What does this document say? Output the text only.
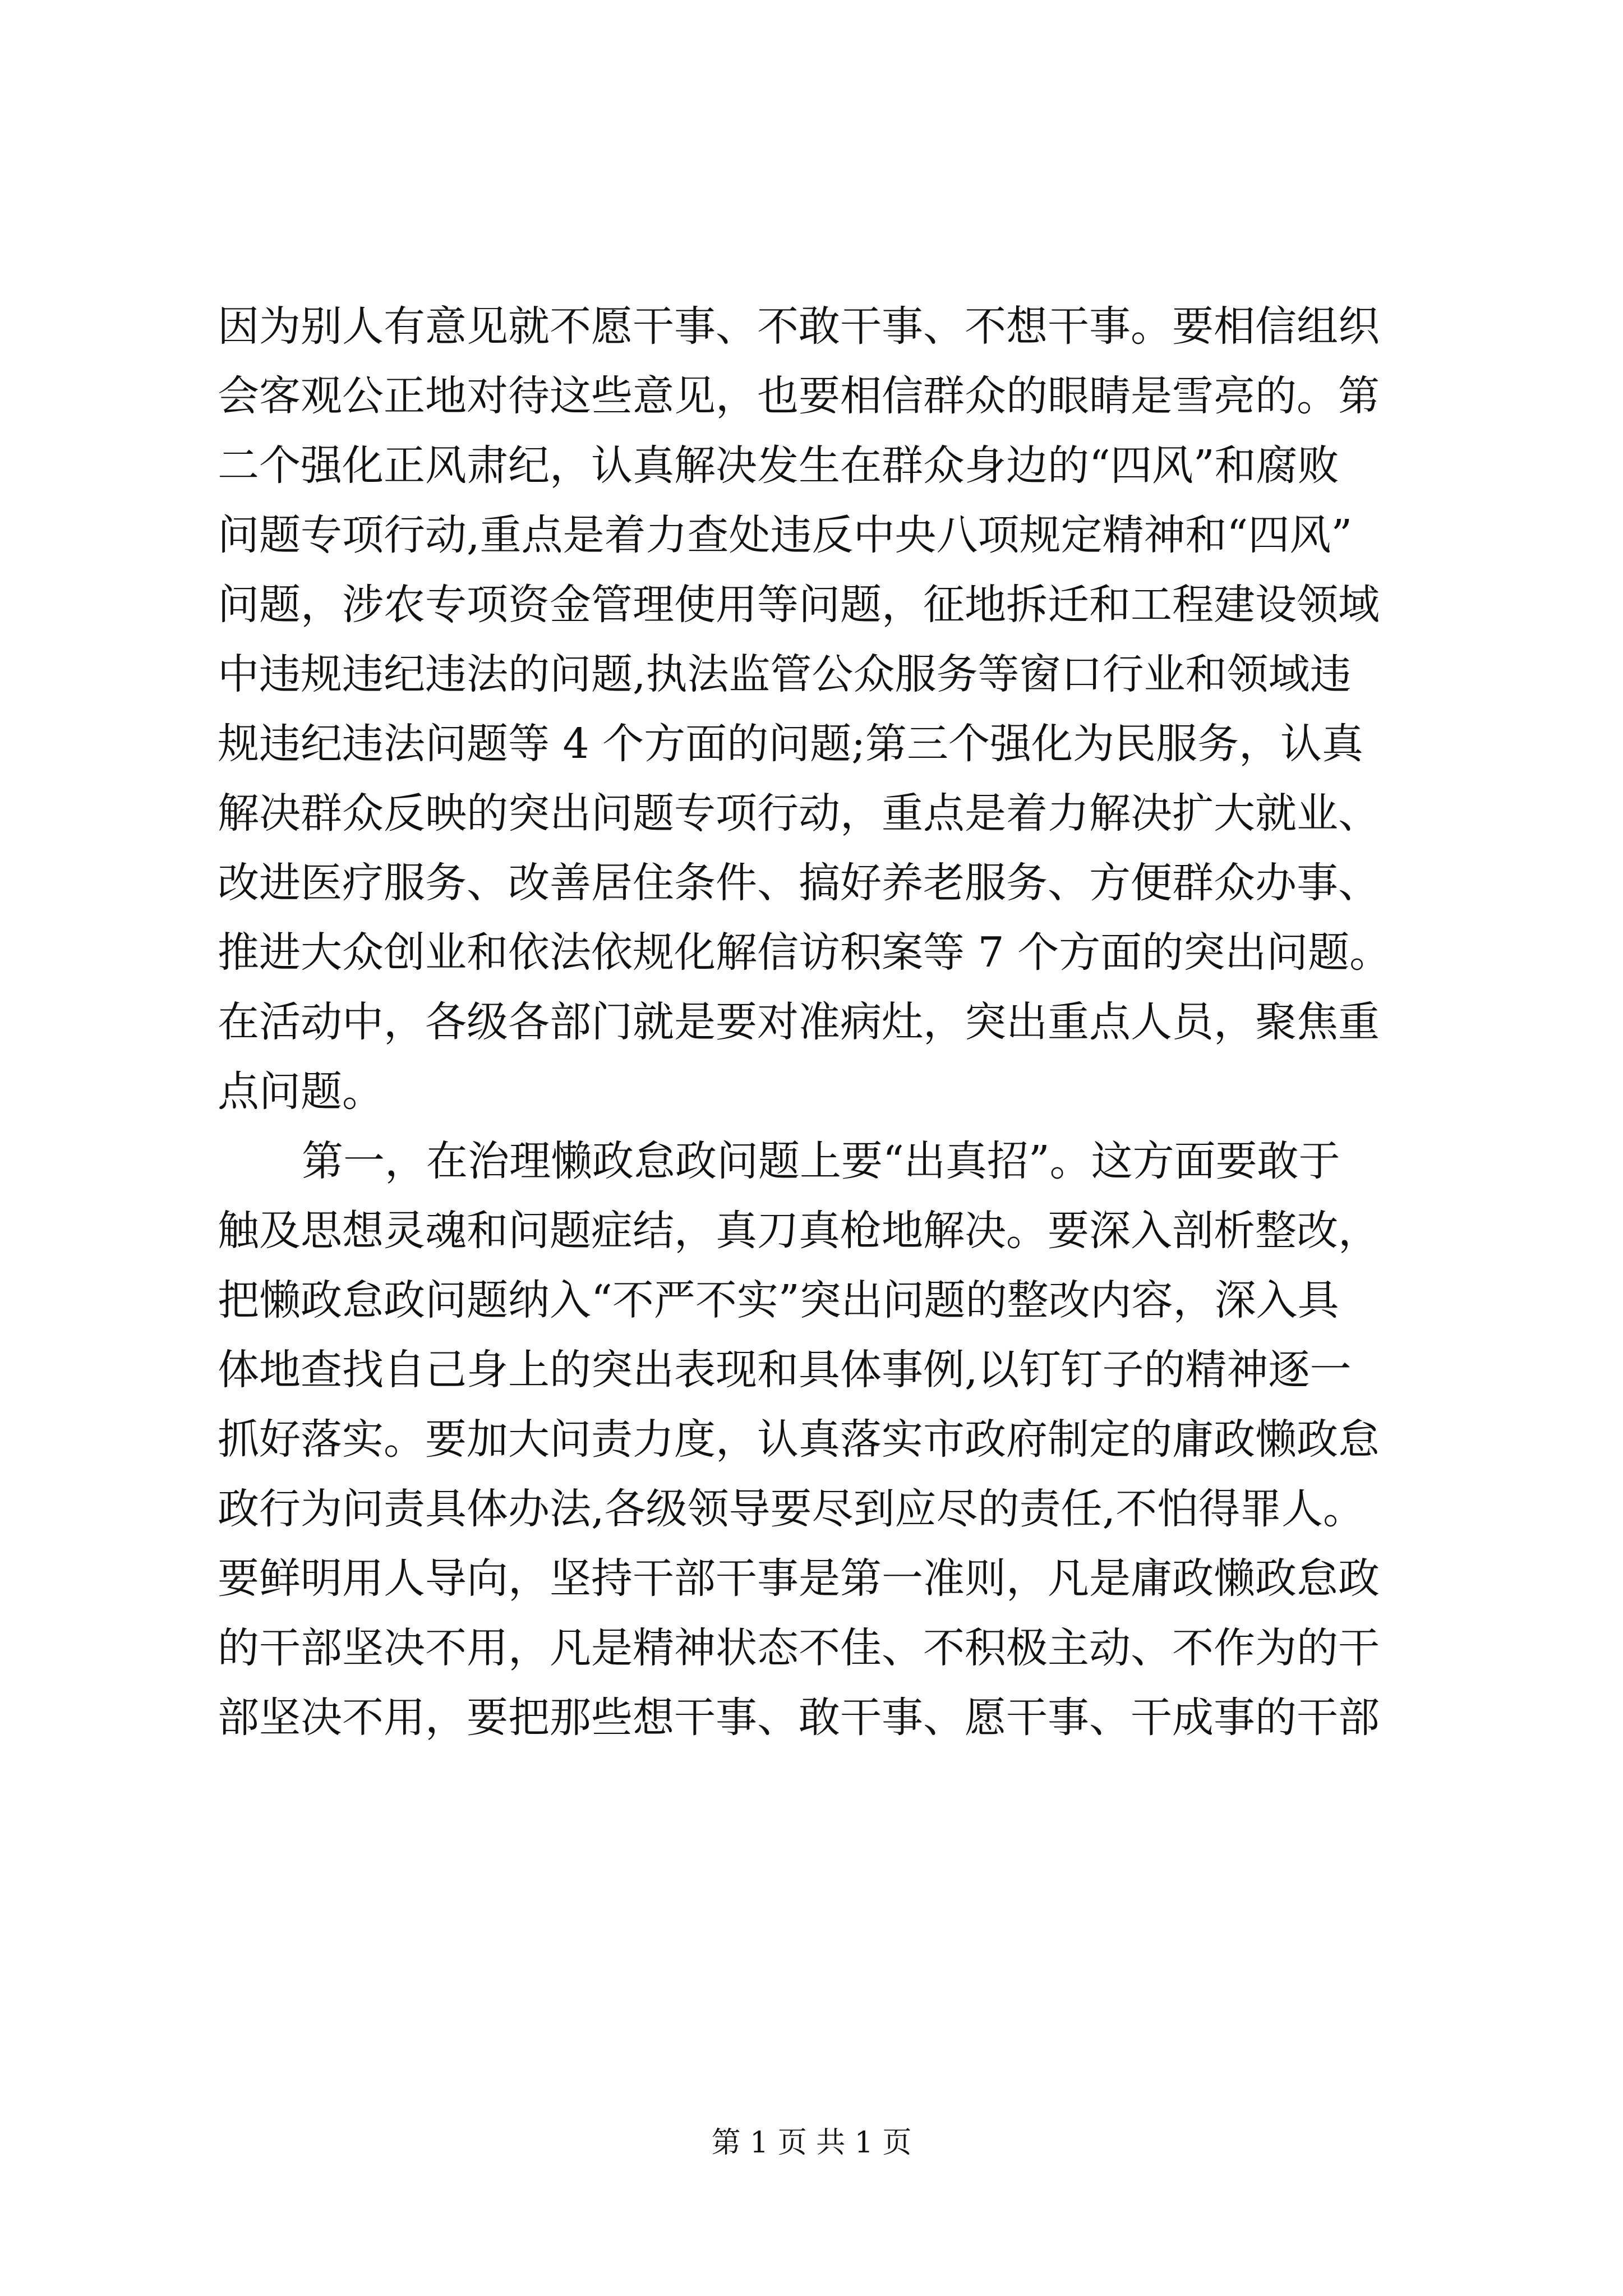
因为别人有意见就不愿干事、不敢干事、不想干事。要相信组织
会客观公正地对待这些意见，也要相信群众的眼睛是雪亮的。第
二个强化正风肃纪，认真解决发生在群众身边的“四风”和腐败
问题专项行动,重点是着力查处违反中央八项规定精神和“四风”
问题，涉农专项资金管理使用等问题，征地拆迁和工程建设领域
中违规违纪违法的问题,执法监管公众服务等窗口行业和领域违
规违纪违法问题等 4 个方面的问题;第三个强化为民服务，认真
解决群众反映的突出问题专项行动，重点是着力解决扩大就业、
改进医疗服务、改善居住条件、搞好养老服务、方便群众办事、
推进大众创业和依法依规化解信访积案等 7 个方面的突出问题。
在活动中，各级各部门就是要对准病灶，突出重点人员，聚焦重
点问题。
第一，在治理懒政怠政问题上要“出真招”。这方面要敢于
触及思想灵魂和问题症结，真刀真枪地解决。要深入剖析整改，
把懒政怠政问题纳入“不严不实”突出问题的整改内容，深入具
体地查找自己身上的突出表现和具体事例,以钉钉子的精神逐一
抓好落实。要加大问责力度，认真落实市政府制定的庸政懒政怠
政行为问责具体办法,各级领导要尽到应尽的责任,不怕得罪人。
要鲜明用人导向，坚持干部干事是第一准则，凡是庸政懒政怠政
的干部坚决不用，凡是精神状态不佳、不积极主动、不作为的干
部坚决不用，要把那些想干事、敢干事、愿干事、干成事的干部
第 1 页 共 1 页
